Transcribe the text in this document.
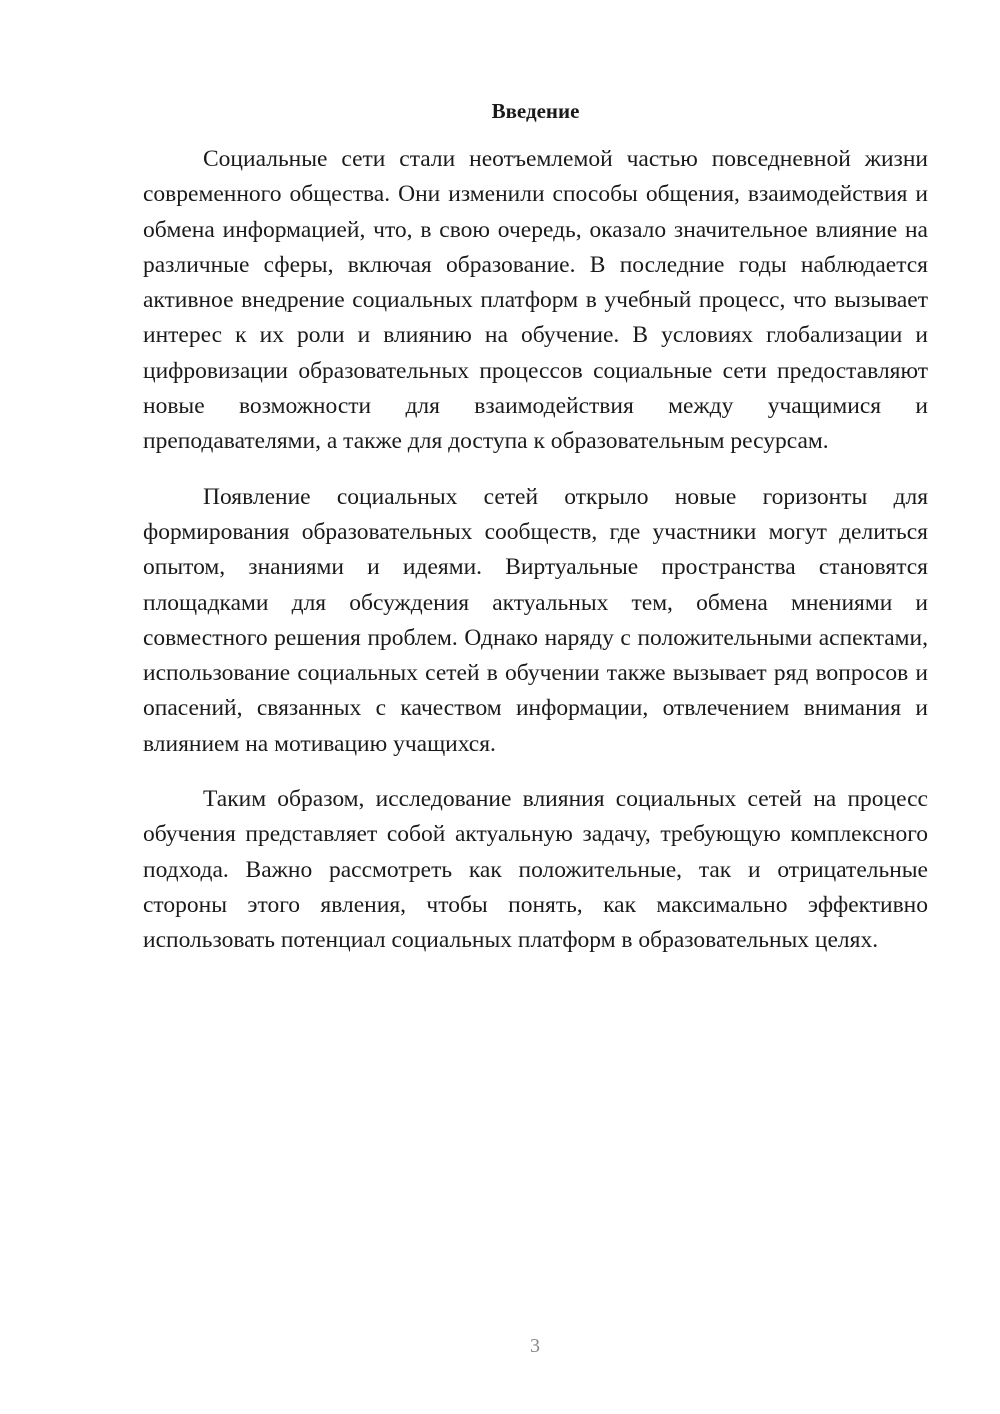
Введение

Социальные сети стали неотъемлемой частью повседневной жизни современного общества. Они изменили способы общения, взаимодействия и обмена информацией, что, в свою очередь, оказало значительное влияние на различные сферы, включая образование. В последние годы наблюдается активное внедрение социальных платформ в учебный процесс, что вызывает интерес к их роли и влиянию на обучение. В условиях глобализации и цифровизации образовательных процессов социальные сети предоставляют новые возможности для взаимодействия между учащимися и преподавателями, а также для доступа к образовательным ресурсам.

Появление социальных сетей открыло новые горизонты для формирования образовательных сообществ, где участники могут делиться опытом, знаниями и идеями. Виртуальные пространства становятся площадками для обсуждения актуальных тем, обмена мнениями и совместного решения проблем. Однако наряду с положительными аспектами, использование социальных сетей в обучении также вызывает ряд вопросов и опасений, связанных с качеством информации, отвлечением внимания и влиянием на мотивацию учащихся.

Таким образом, исследование влияния социальных сетей на процесс обучения представляет собой актуальную задачу, требующую комплексного подхода. Важно рассмотреть как положительные, так и отрицательные стороны этого явления, чтобы понять, как максимально эффективно использовать потенциал социальных платформ в образовательных целях.

3
